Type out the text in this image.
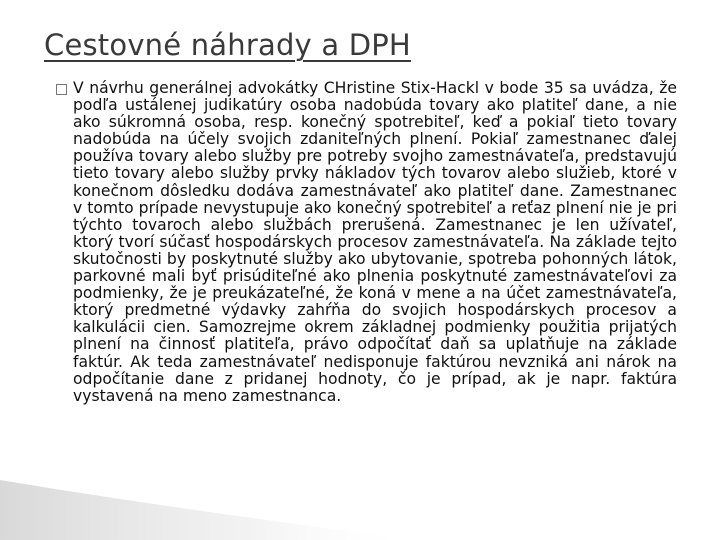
Cestovné náhrady a DPH
V návrhu generálnej advokátky CHristine Stix-Hackl v bode 35 sa uvádza, že podľa ustálenej judikatúry osoba nadobúda tovary ako platiteľ dane, a nie ako súkromná osoba, resp. konečný spotrebiteľ, keď a pokiaľ tieto tovary nadobúda na účely svojich zdaniteľných plnení. Pokiaľ zamestnanec ďalej používa tovary alebo služby pre potreby svojho zamestnávateľa, predstavujú tieto tovary alebo služby prvky nákladov tých tovarov alebo služieb, ktoré v konečnom dôsledku dodáva zamestnávateľ ako platiteľ dane. Zamestnanec v tomto prípade nevystupuje ako konečný spotrebiteľ a reťaz plnení nie je pri týchto tovaroch alebo službách prerušená. Zamestnanec je len užívateľ, ktorý tvorí súčasť hospodárskych procesov zamestnávateľa. Na základe tejto skutočnosti by poskytnuté služby ako ubytovanie, spotreba pohonných látok, parkovné mali byť prisúditeľné ako plnenia poskytnuté zamestnávateľovi za podmienky, že je preukázateľné, že koná v mene a na účet zamestnávateľa, ktorý predmetné výdavky zahŕňa do svojich hospodárskych procesov a kalkulácii cien. Samozrejme okrem základnej podmienky použitia prijatých plnení na činnosť platiteľa, právo odpočítať daň sa uplatňuje na základe faktúr. Ak teda zamestnávateľ nedisponuje faktúrou nevzniká ani nárok na odpočítanie dane z pridanej hodnoty, čo je prípad, ak je napr. faktúra vystavená na meno zamestnanca.
